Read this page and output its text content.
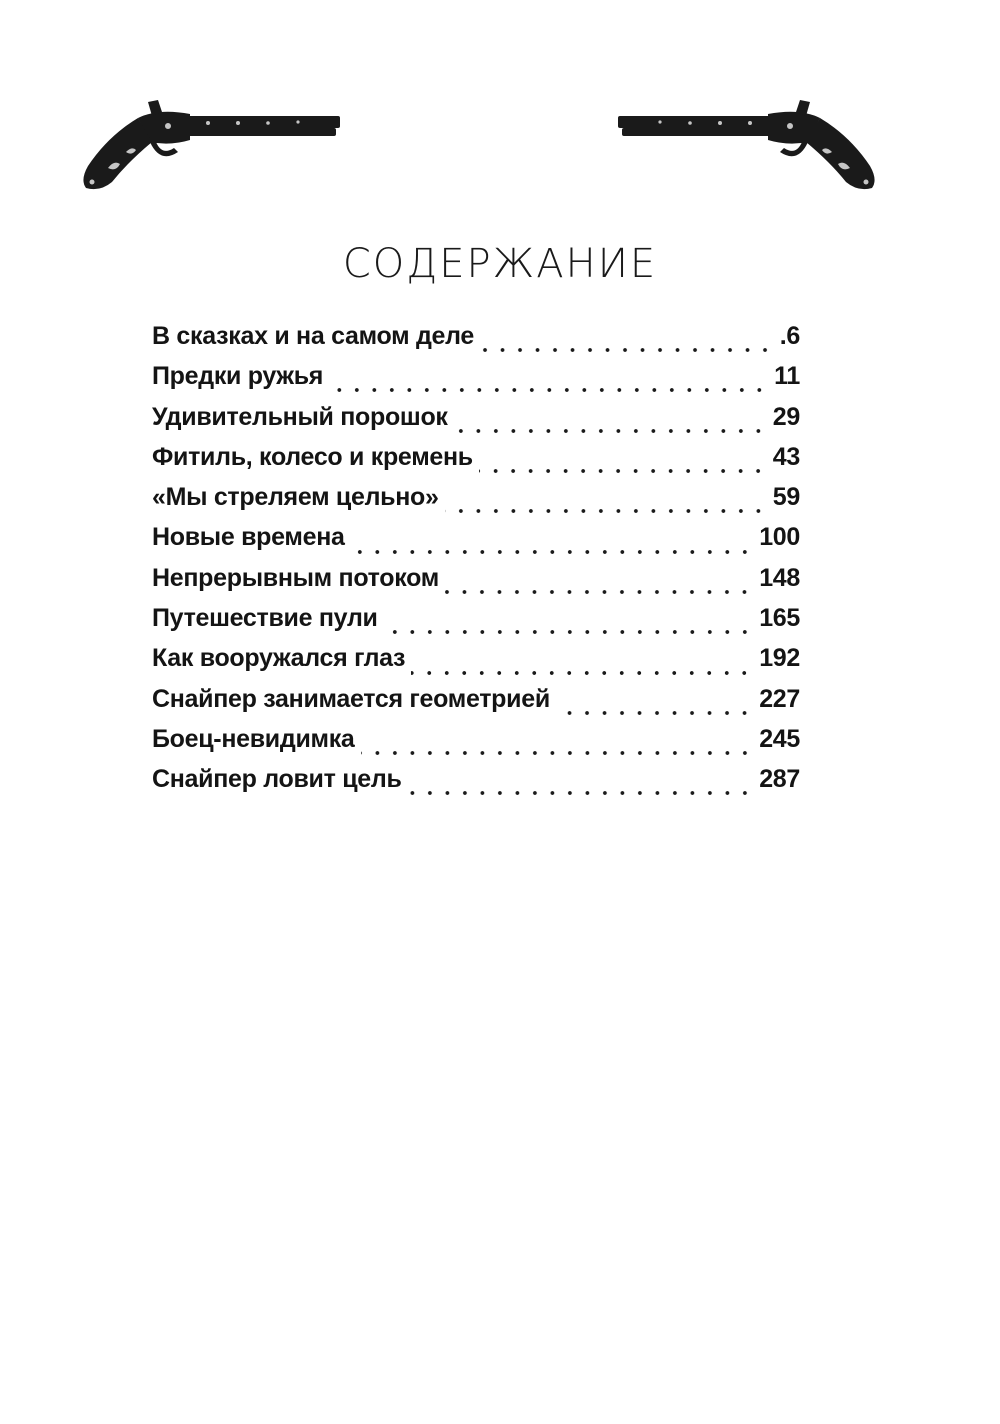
СОДЕРЖАНИЕ
В сказках и на самом деле	.6
Предки ружья	11
Удивительный порошок	29
Фитиль, колесо и кремень	43
«Мы стреляем цельно»	59
Новые времена	100
Непрерывным потоком	148
Путешествие пули	165
Как вооружался глаз	192
Снайпер занимается геометрией	227
Боец-невидимка	245
Снайпер ловит цель	287
